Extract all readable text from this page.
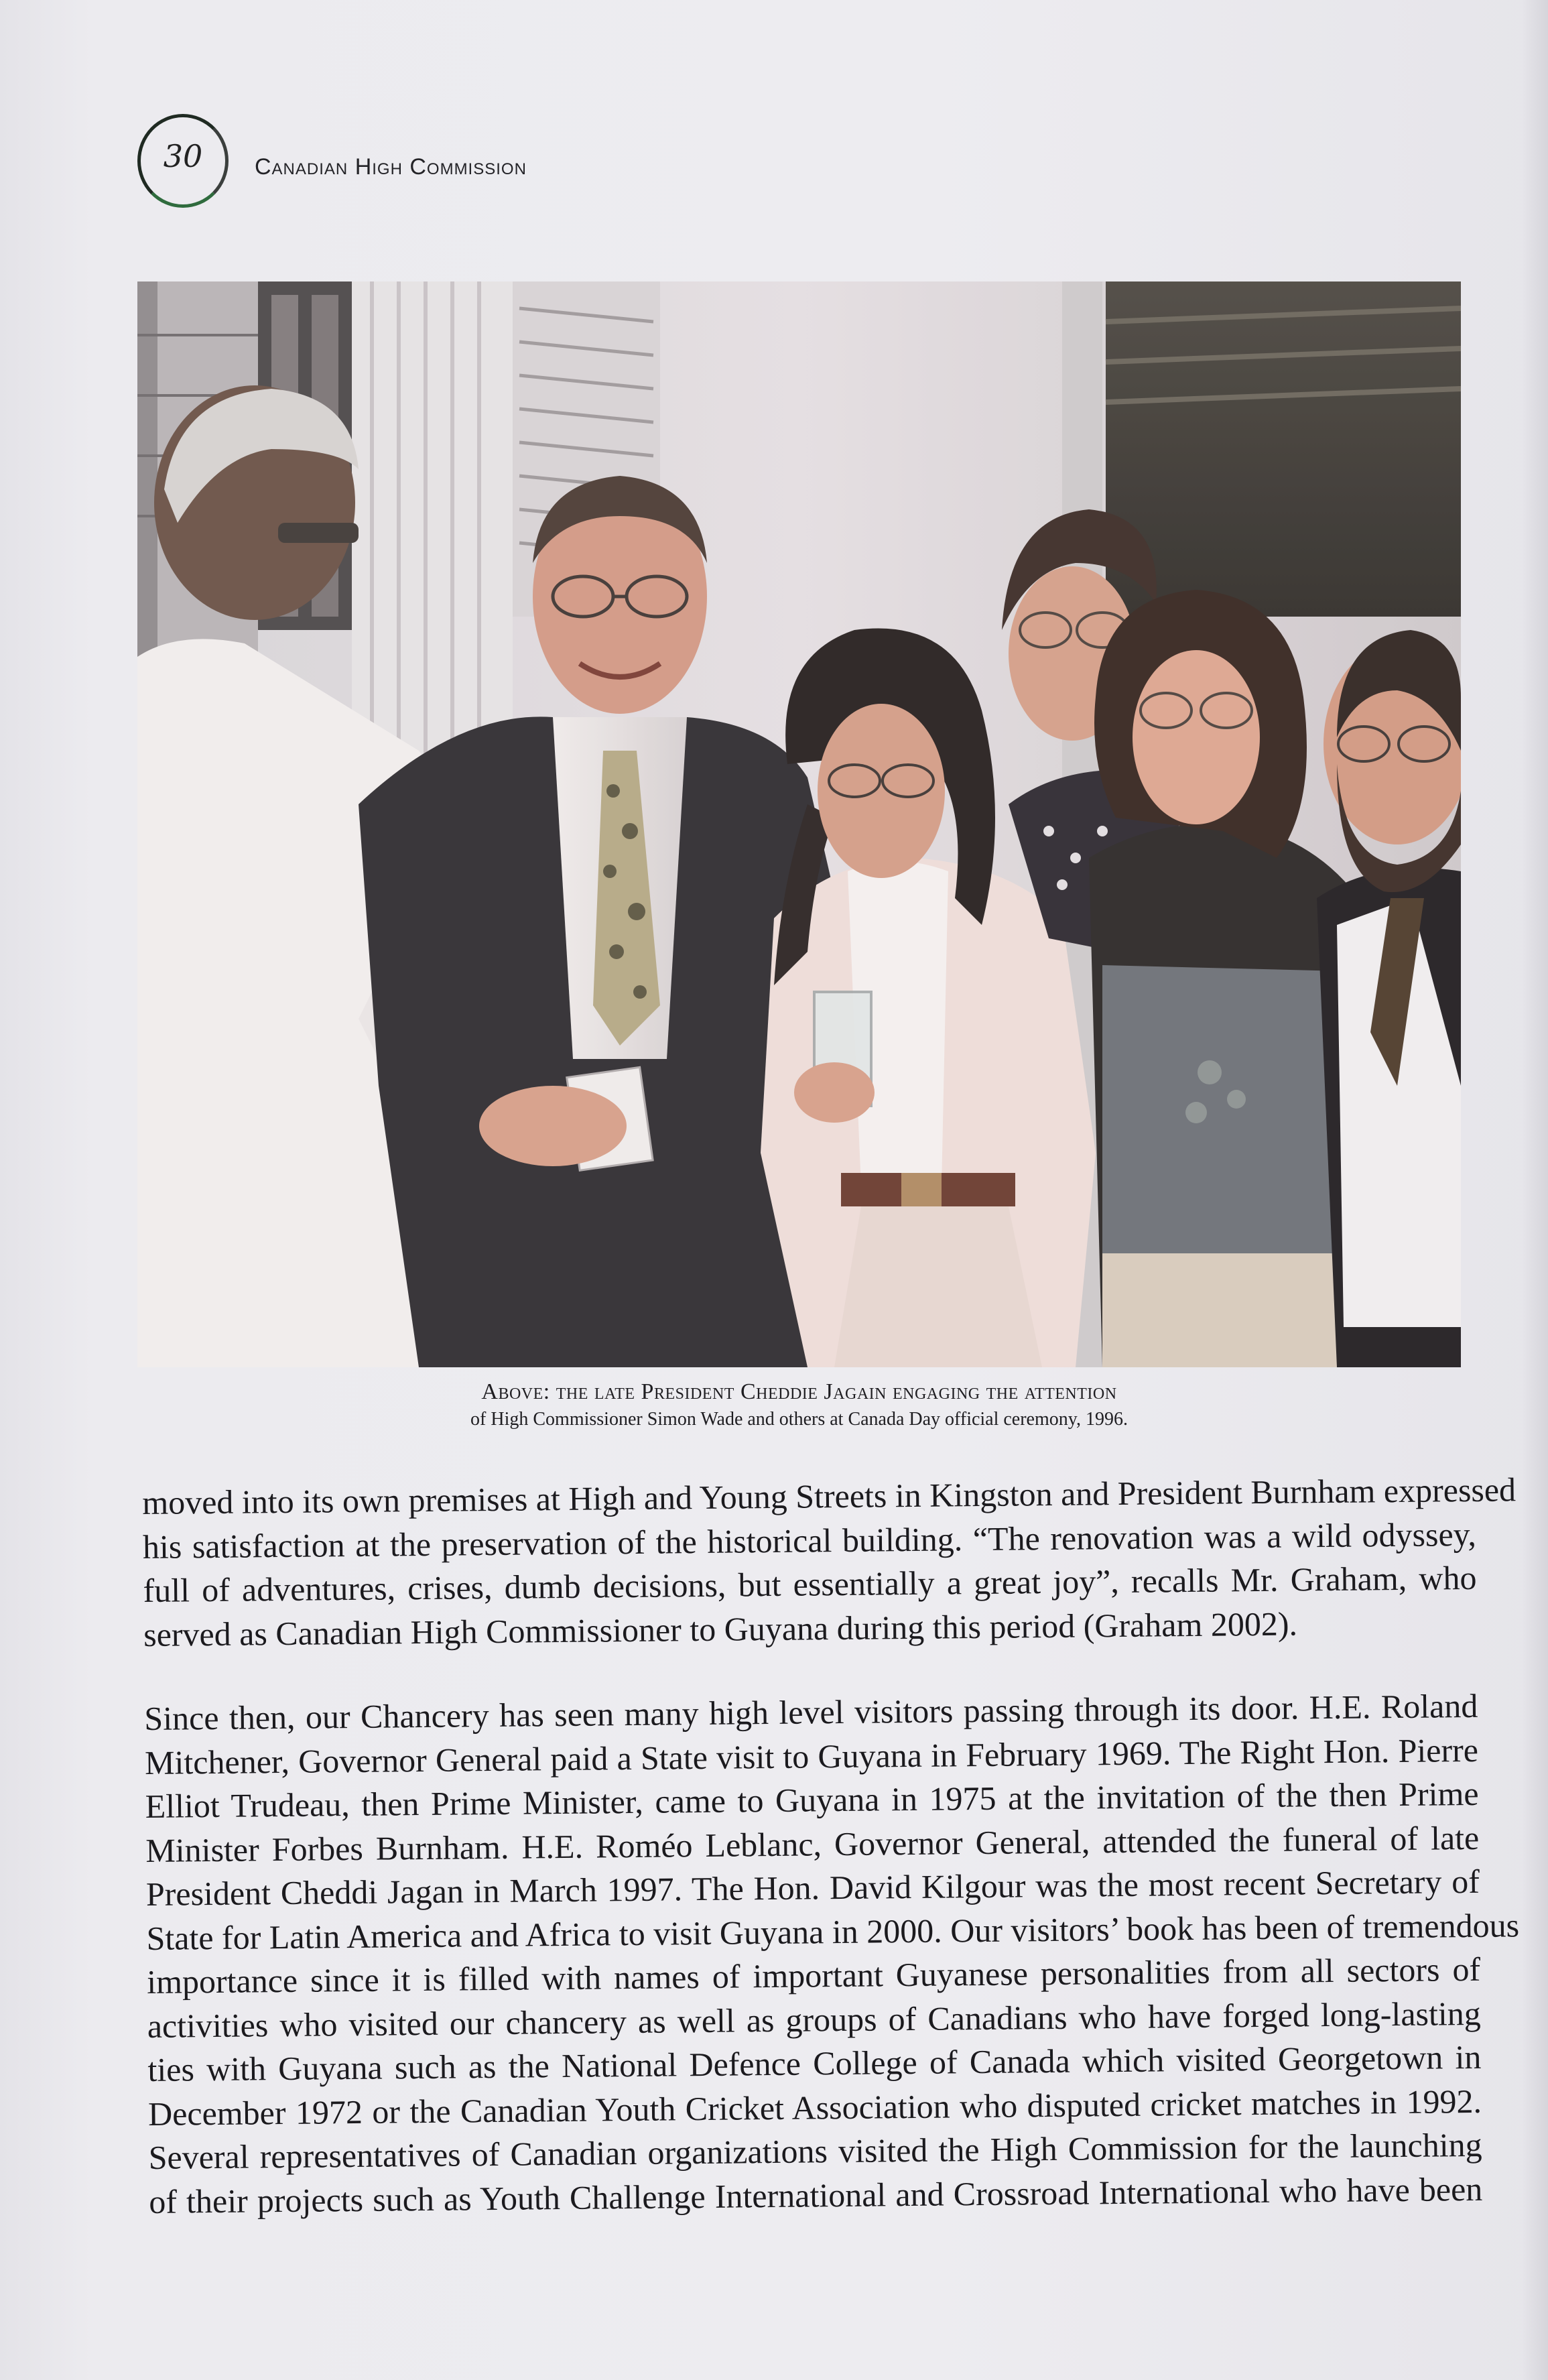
30	Canadian High Commission
Above: the late President Cheddie Jagain engaging the attention
of High Commissioner Simon Wade and others at Canada Day official ceremony, 1996.
moved into its own premises at High and Young Streets in Kingston and President Burnham expressed
his satisfaction at the preservation of the historical building. “The renovation was a wild odyssey,
full of adventures, crises, dumb decisions, but essentially a great joy”, recalls Mr. Graham, who
served as Canadian High Commissioner to Guyana during this period (Graham 2002).
Since then, our Chancery has seen many high level visitors passing through its door. H.E. Roland
Mitchener, Governor General paid a State visit to Guyana in February 1969. The Right Hon. Pierre
Elliot Trudeau, then Prime Minister, came to Guyana in 1975 at the invitation of the then Prime
Minister Forbes Burnham. H.E. Roméo Leblanc, Governor General, attended the funeral of late
President Cheddi Jagan in March 1997. The Hon. David Kilgour was the most recent Secretary of
State for Latin America and Africa to visit Guyana in 2000. Our visitors’ book has been of tremendous
importance since it is filled with names of important Guyanese personalities from all sectors of
activities who visited our chancery as well as groups of Canadians who have forged long-lasting
ties with Guyana such as the National Defence College of Canada which visited Georgetown in
December 1972 or the Canadian Youth Cricket Association who disputed cricket matches in 1992.
Several representatives of Canadian organizations visited the High Commission for the launching
of their projects such as Youth Challenge International and Crossroad International who have been
